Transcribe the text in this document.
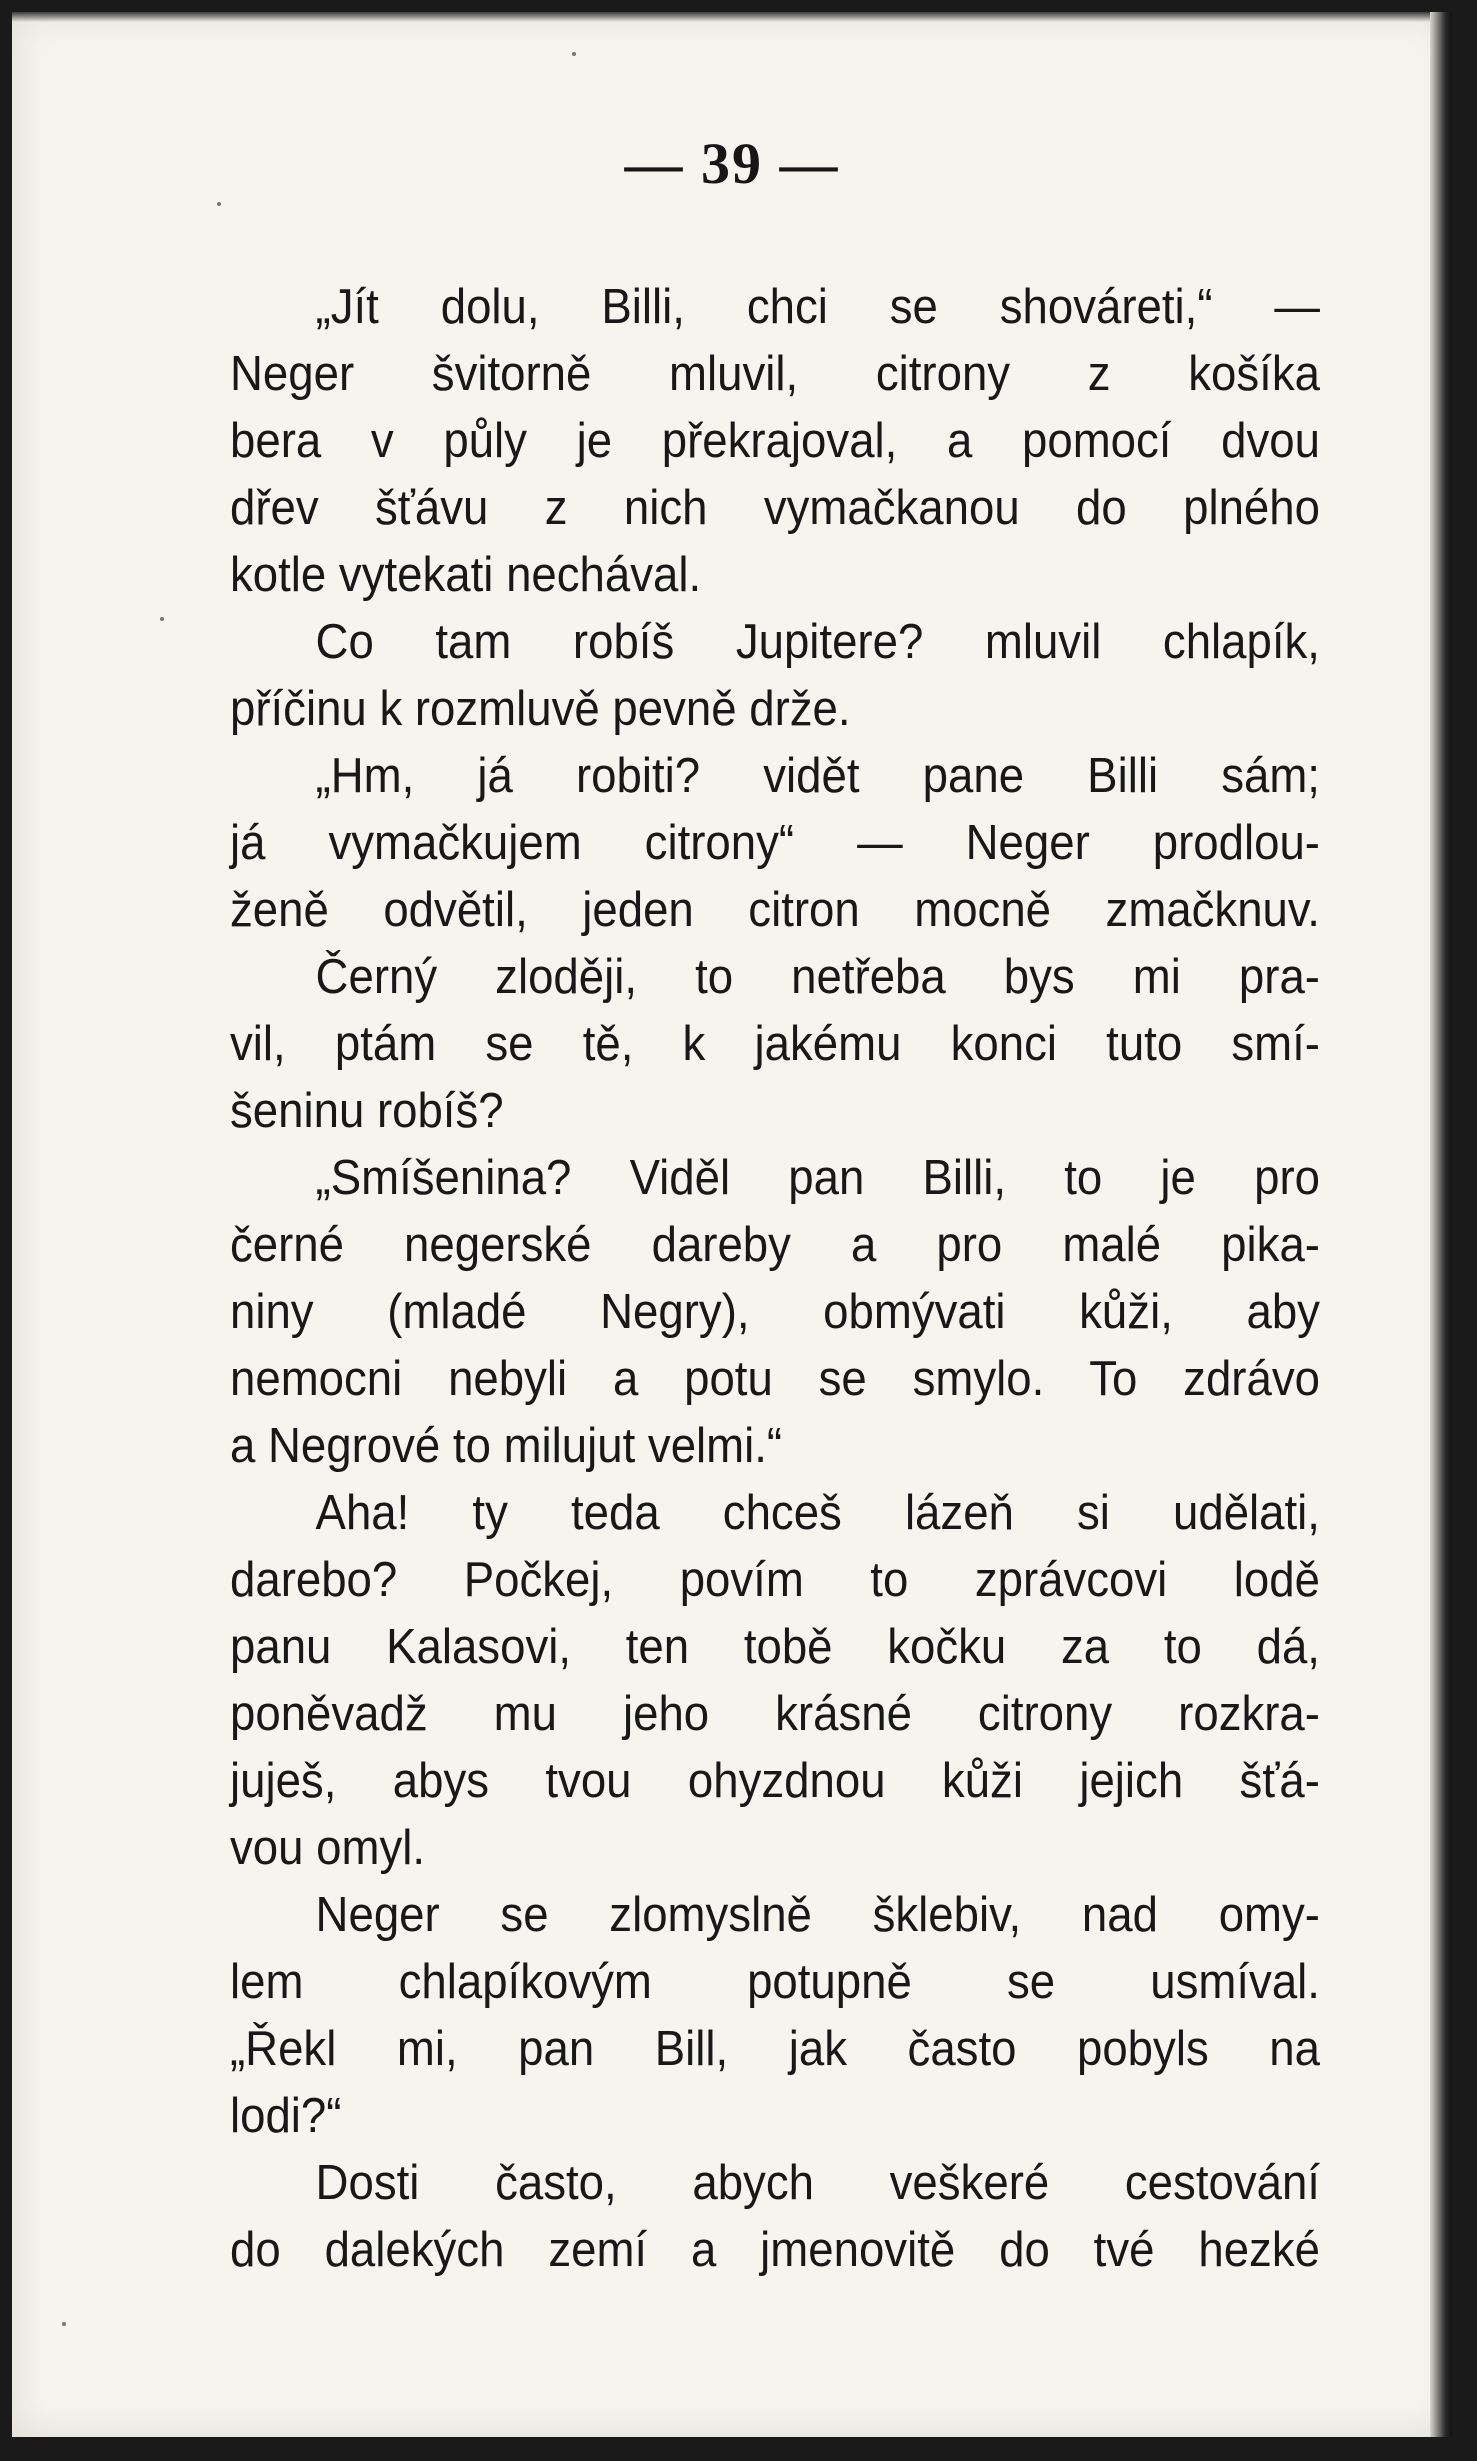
— 39 —
„Jít dolu, Billi, chci se shováreti,“ —
Neger švitorně mluvil, citrony z košíka
bera v půly je překrajoval, a pomocí dvou
dřev šťávu z nich vymačkanou do plného
kotle vytekati nechával.
Co tam robíš Jupitere? mluvil chlapík,
příčinu k rozmluvě pevně drže.
„Hm, já robiti? vidět pane Billi sám;
já vymačkujem citrony“ — Neger prodlou-
ženě odvětil, jeden citron mocně zmačknuv.
Černý zloději, to netřeba bys mi pra-
vil, ptám se tě, k jakému konci tuto smí-
šeninu robíš?
„Smíšenina? Viděl pan Billi, to je pro
černé negerské dareby a pro malé pika-
niny (mladé Negry), obmývati kůži, aby
nemocni nebyli a potu se smylo. To zdrávo
a Negrové to milujut velmi.“
Aha! ty teda chceš lázeň si udělati,
darebo? Počkej, povím to zprávcovi lodě
panu Kalasovi, ten tobě kočku za to dá,
poněvadž mu jeho krásné citrony rozkra-
juješ, abys tvou ohyzdnou kůži jejich šťá-
vou omyl.
Neger se zlomyslně šklebiv, nad omy-
lem chlapíkovým potupně se usmíval.
„Řekl mi, pan Bill, jak často pobyls na
lodi?“
Dosti často, abych veškeré cestování
do dalekých zemí a jmenovitě do tvé hezké
